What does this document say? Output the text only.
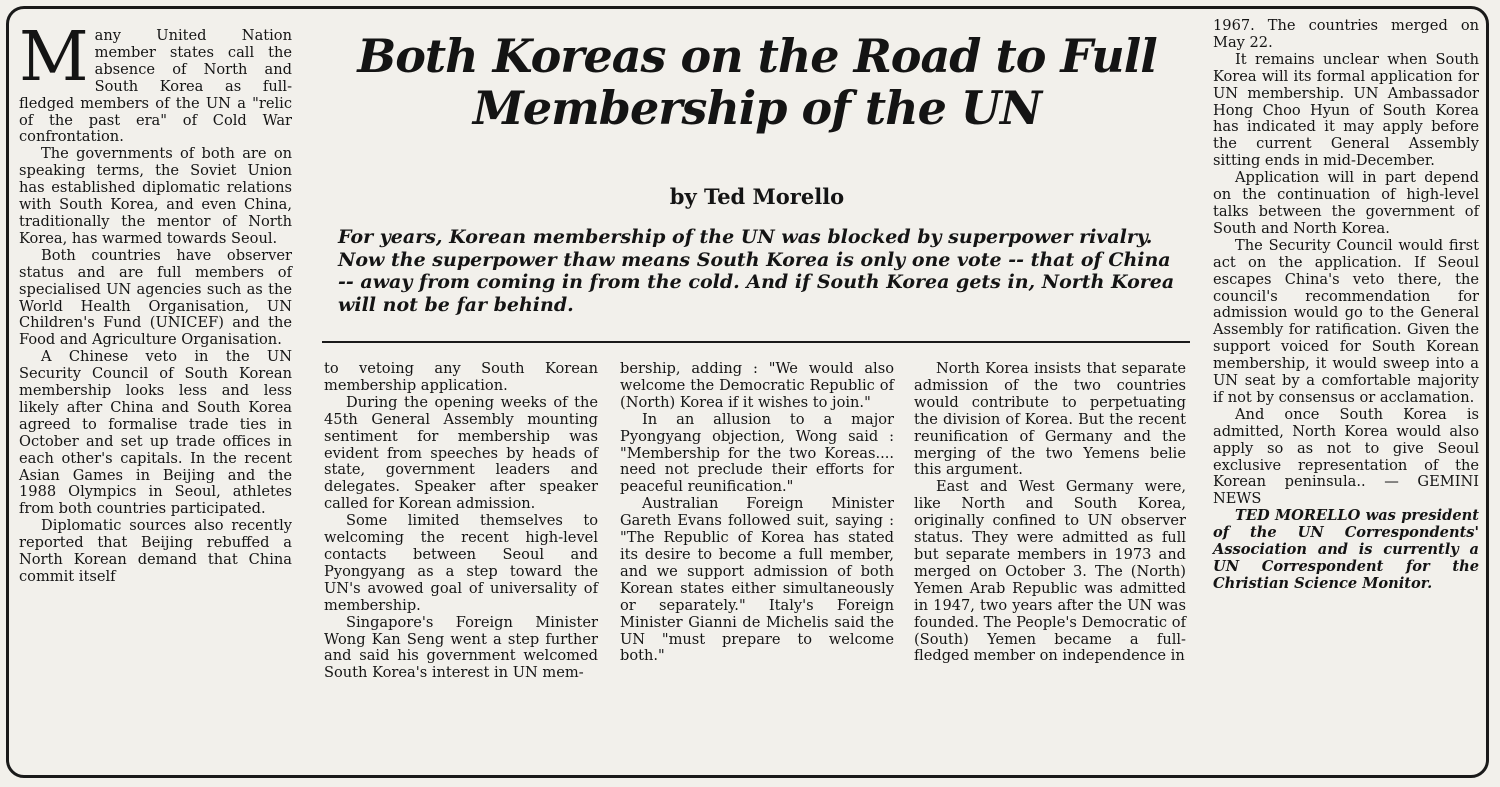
Many United Nation member states call the absence of North and South Korea as full-fledged members of the UN a "relic of the past era" of Cold War confrontation.

The governments of both are on speaking terms, the Soviet Union has established diplomatic relations with South Korea, and even China, traditionally the mentor of North Korea, has warmed towards Seoul.

Both countries have observer status and are full members of specialised UN agencies such as the World Health Organisation, UN Children's Fund (UNICEF) and the Food and Agriculture Organisation.

A Chinese veto in the UN Security Council of South Korean membership looks less and less likely after China and South Korea agreed to formalise trade ties in October and set up trade offices in each other's capitals. In the recent Asian Games in Beijing and the 1988 Olympics in Seoul, athletes from both countries participated.

Diplomatic sources also recently reported that Beijing rebuffed a North Korean demand that China commit itself

Both Koreas on the Road to Full Membership of the UN
by Ted Morello
For years, Korean membership of the UN was blocked by superpower rivalry. Now the superpower thaw means South Korea is only one vote -- that of China -- away from coming in from the cold. And if South Korea gets in, North Korea will not be far behind.

to vetoing any South Korean membership application.

During the opening weeks of the 45th General Assembly mounting sentiment for membership was evident from speeches by heads of state, government leaders and delegates. Speaker after speaker called for Korean admission.

Some limited themselves to welcoming the recent high-level contacts between Seoul and Pyongyang as a step toward the UN's avowed goal of universality of membership.

Singapore's Foreign Minister Wong Kan Seng went a step further and said his government welcomed South Korea's interest in UN mem-

bership, adding : "We would also welcome the Democratic Republic of (North) Korea if it wishes to join."

In an allusion to a major Pyongyang objection, Wong said : "Membership for the two Koreas.... need not preclude their efforts for peaceful reunification."

Australian Foreign Minister Gareth Evans followed suit, saying : "The Republic of Korea has stated its desire to become a full member, and we support admission of both Korean states either simultaneously or separately." Italy's Foreign Minister Gianni de Michelis said the UN "must prepare to welcome both."

North Korea insists that separate admission of the two countries would contribute to perpetuating the division of Korea. But the recent reunification of Germany and the merging of the two Yemens belie this argument.

East and West Germany were, like North and South Korea, originally confined to UN observer status. They were admitted as full but separate members in 1973 and merged on October 3. The (North) Yemen Arab Republic was admitted in 1947, two years after the UN was founded. The People's Democratic of (South) Yemen became a full-fledged member on independence in

1967. The countries merged on May 22.

It remains unclear when South Korea will its formal application for UN membership. UN Ambassador Hong Choo Hyun of South Korea has indicated it may apply before the current General Assembly sitting ends in mid-December.

Application will in part depend on the continuation of high-level talks between the government of South and North Korea.

The Security Council would first act on the application. If Seoul escapes China's veto there, the council's recommendation for admission would go to the General Assembly for ratification. Given the support voiced for South Korean membership, it would sweep into a UN seat by a comfortable majority if not by consensus or acclamation.

And once South Korea is admitted, North Korea would also apply so as not to give Seoul exclusive representation of the Korean peninsula.. — GEMINI NEWS

TED MORELLO was president of the UN Correspondents' Association and is currently a UN Correspondent for the Christian Science Monitor.
